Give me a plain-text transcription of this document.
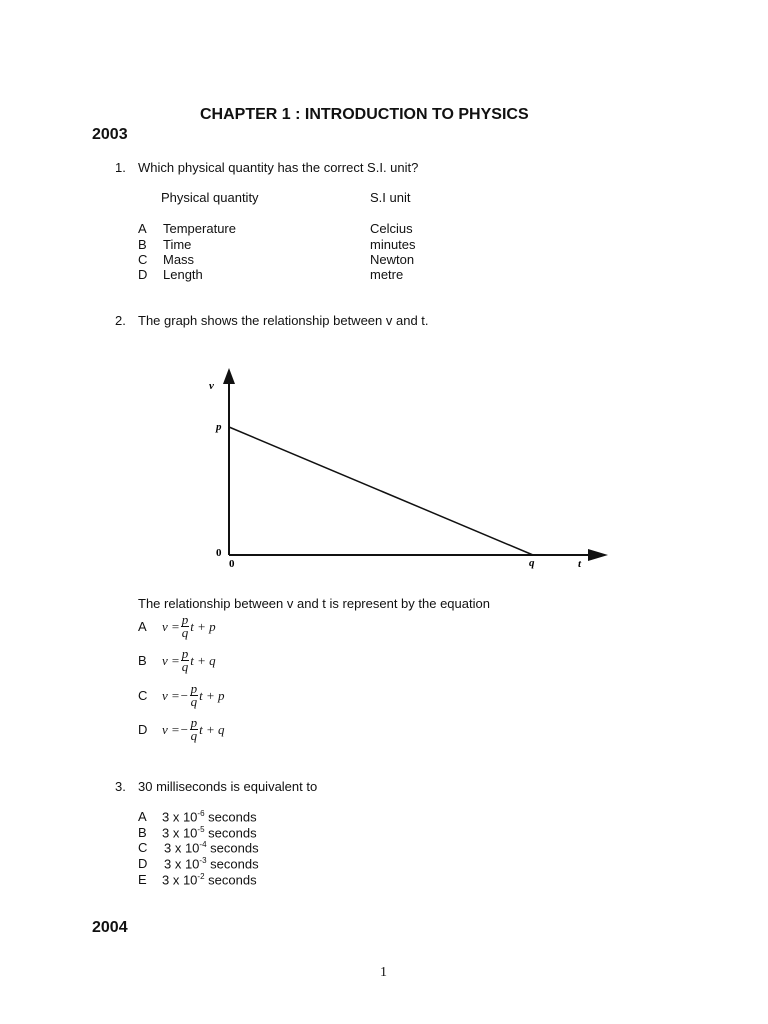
CHAPTER 1 : INTRODUCTION TO PHYSICS
2003
1. Which physical quantity has the correct S.I. unit?
Physical quantity	S.I unit
A Temperature	Celcius
B Time	minutes
C Mass	Newton
D Length	metre
2. The graph shows the relationship between v and t.
v
p
0
0	q	t
The relationship between v and t is represent by the equation
A	$v = \frac{p}{q}$ t + p
B	$v = \frac{p}{q}$ t + q
C	v = − $\frac{p}{q}$ t + p
D	v = − $\frac{p}{q}$ t + q
3. 30 milliseconds is equivalent to
A 3 x $10^{-6}$ seconds
B 3 x $10^{-5}$ seconds
C 3 x $10^{-4}$ seconds
D 3 x $10^{-3}$ seconds
E 3 x $10^{-2}$ seconds
2004
1
